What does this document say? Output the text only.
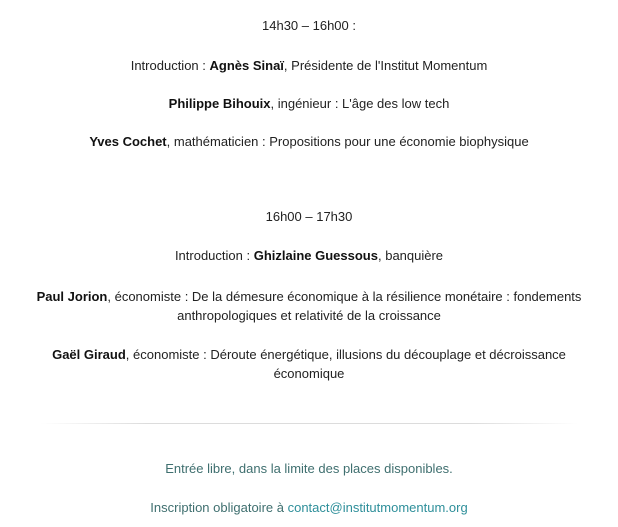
14h30 – 16h00 :

Introduction : Agnès Sinaï, Présidente de l'Institut Momentum

Philippe Bihouix, ingénieur : L'âge des low tech

Yves Cochet, mathématicien : Propositions pour une économie biophysique

16h00 – 17h30

Introduction : Ghizlaine Guessous, banquière

Paul Jorion, économiste : De la démesure économique à la résilience monétaire : fondements anthropologiques et relativité de la croissance

Gaël Giraud, économiste : Déroute énergétique, illusions du découplage et décroissance économique

Entrée libre, dans la limite des places disponibles.

Inscription obligatoire à contact@institutmomentum.org
